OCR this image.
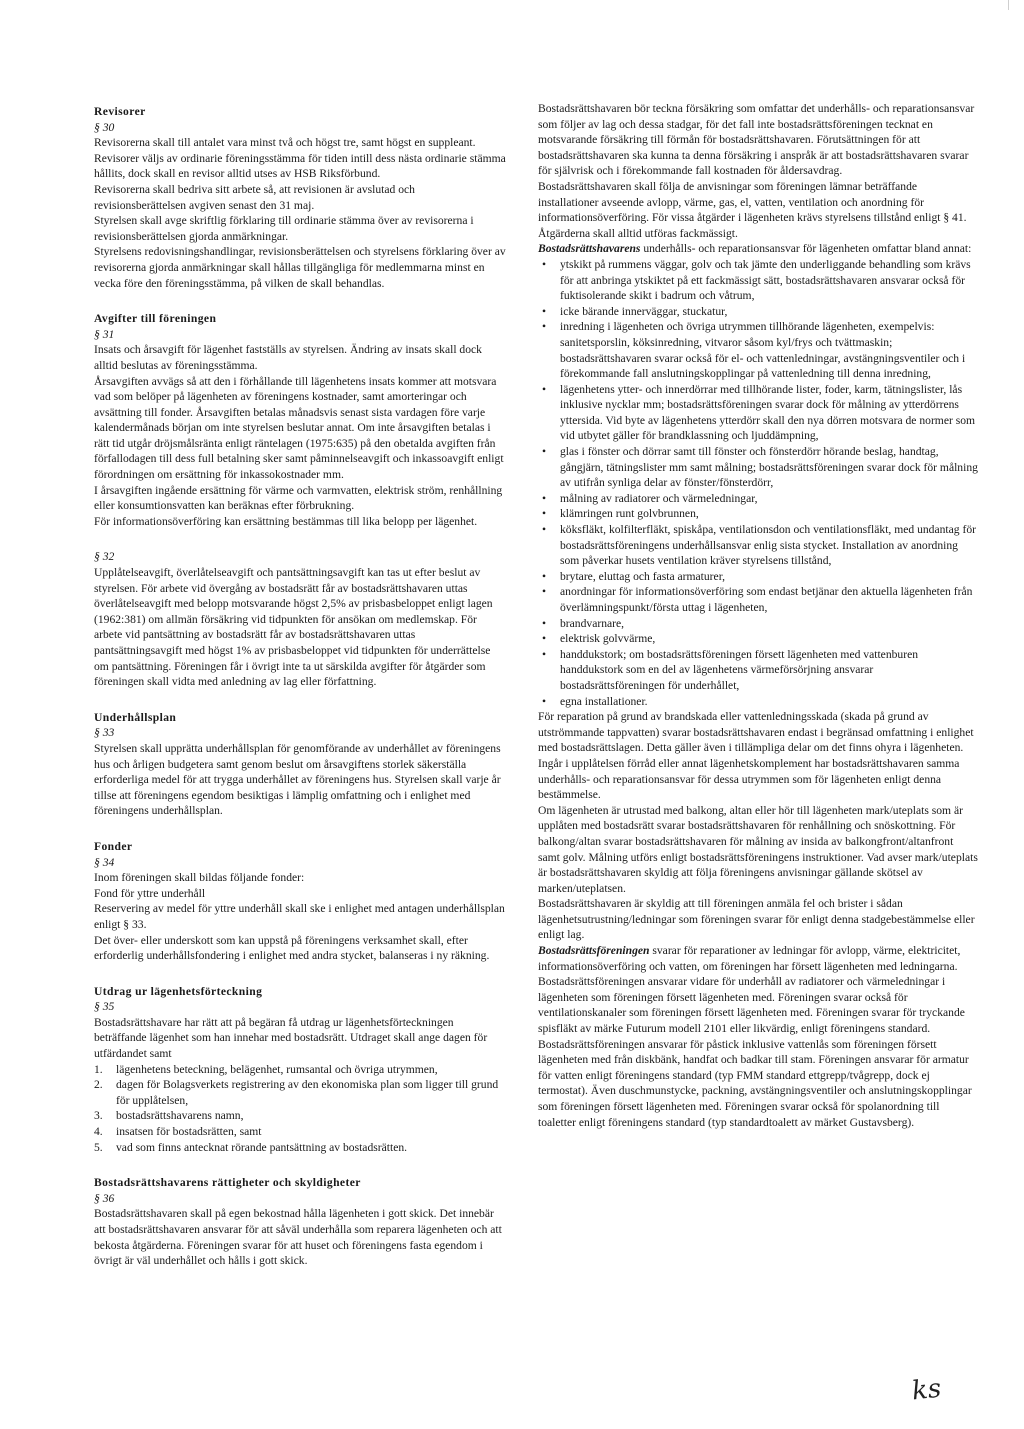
Revisorer

§ 30

Revisorerna skall till antalet vara minst två och högst tre, samt högst en suppleant. Revisorer väljs av ordinarie föreningsstämma för tiden intill dess nästa ordinarie stämma hållits, dock skall en revisor alltid utses av HSB Riksförbund.

Revisorerna skall bedriva sitt arbete så, att revisionen är avslutad och revisionsberättelsen avgiven senast den 31 maj.

Styrelsen skall avge skriftlig förklaring till ordinarie stämma över av revisorerna i revisionsberättelsen gjorda anmärkningar.

Styrelsens redovisningshandlingar, revisionsberättelsen och styrelsens förklaring över av revisorerna gjorda anmärkningar skall hållas tillgängliga för medlemmarna minst en vecka före den föreningsstämma, på vilken de skall behandlas.

Avgifter till föreningen

§ 31

Insats och årsavgift för lägenhet fastställs av styrelsen. Ändring av insats skall dock alltid beslutas av föreningsstämma.

Årsavgiften avvägs så att den i förhållande till lägenhetens insats kommer att motsvara vad som belöper på lägenheten av föreningens kostnader, samt amorteringar och avsättning till fonder. Årsavgiften betalas månadsvis senast sista vardagen före varje kalendermånads början om inte styrelsen beslutar annat. Om inte årsavgiften betalas i rätt tid utgår dröjsmålsränta enligt räntelagen (1975:635) på den obetalda avgiften från förfallodagen till dess full betalning sker samt påminnelseavgift och inkassoavgift enligt förordningen om ersättning för inkassokostnader mm.

I årsavgiften ingående ersättning för värme och varmvatten, elektrisk ström, renhållning eller konsumtionsvatten kan beräknas efter förbrukning.

För informationsöverföring kan ersättning bestämmas till lika belopp per lägenhet.

§ 32

Upplåtelseavgift, överlåtelseavgift och pantsättningsavgift kan tas ut efter beslut av styrelsen. För arbete vid övergång av bostadsrätt får av bostadsrättshavaren uttas överlåtelseavgift med belopp motsvarande högst 2,5% av prisbasbeloppet enligt lagen (1962:381) om allmän försäkring vid tidpunkten för ansökan om medlemskap. För arbete vid pantsättning av bostadsrätt får av bostadsrättshavaren uttas pantsättningsavgift med högst 1% av prisbasbeloppet vid tidpunkten för underrättelse om pantsättning. Föreningen får i övrigt inte ta ut särskilda avgifter för åtgärder som föreningen skall vidta med anledning av lag eller författning.

Underhållsplan

§ 33

Styrelsen skall upprätta underhållsplan för genomförande av underhållet av föreningens hus och årligen budgetera samt genom beslut om årsavgiftens storlek säkerställa erforderliga medel för att trygga underhållet av föreningens hus. Styrelsen skall varje år tillse att föreningens egendom besiktigas i lämplig omfattning och i enlighet med föreningens underhållsplan.

Fonder

§ 34

Inom föreningen skall bildas följande fonder:

Fond för yttre underhåll

Reservering av medel för yttre underhåll skall ske i enlighet med antagen underhållsplan enligt § 33.

Det över- eller underskott som kan uppstå på föreningens verksamhet skall, efter erforderlig underhållsfondering i enlighet med andra stycket, balanseras i ny räkning.

Utdrag ur lägenhetsförteckning

§ 35

Bostadsrättshavare har rätt att på begäran få utdrag ur lägenhetsförteckningen beträffande lägenhet som han innehar med bostadsrätt. Utdraget skall ange dagen för utfärdandet samt

1. lägenhetens beteckning, belägenhet, rumsantal och övriga utrymmen,
2. dagen för Bolagsverkets registrering av den ekonomiska plan som ligger till grund för upplåtelsen,
3. bostadsrättshavarens namn,
4. insatsen för bostadsrätten, samt
5. vad som finns antecknat rörande pantsättning av bostadsrätten.

Bostadsrättshavarens rättigheter och skyldigheter

§ 36

Bostadsrättshavaren skall på egen bekostnad hålla lägenheten i gott skick. Det innebär att bostadsrättshavaren ansvarar för att såväl underhålla som reparera lägenheten och att bekosta åtgärderna. Föreningen svarar för att huset och föreningens fasta egendom i övrigt är väl underhållet och hålls i gott skick.

Bostadsrättshavaren bör teckna försäkring som omfattar det underhålls- och reparationsansvar som följer av lag och dessa stadgar, för det fall inte bostadsrättsföreningen tecknat en motsvarande försäkring till förmån för bostadsrättshavaren. Förutsättningen för att bostadsrättshavaren ska kunna ta denna försäkring i anspråk är att bostadsrättshavaren svarar för självrisk och i förekommande fall kostnaden för åldersavdrag.

Bostadsrättshavaren skall följa de anvisningar som föreningen lämnar beträffande installationer avseende avlopp, värme, gas, el, vatten, ventilation och anordning för informationsöverföring. För vissa åtgärder i lägenheten krävs styrelsens tillstånd enligt § 41. Åtgärderna skall alltid utföras fackmässigt.

Bostadsrättshavarens underhålls- och reparationsansvar för lägenheten omfattar bland annat:

• ytskikt på rummens väggar, golv och tak jämte den underliggande behandling som krävs för att anbringa ytskiktet på ett fackmässigt sätt, bostadsrättshavaren ansvarar också för fuktisolerande skikt i badrum och våtrum,
• icke bärande innerväggar, stuckatur,
• inredning i lägenheten och övriga utrymmen tillhörande lägenheten, exempelvis: sanitetsporslin, köksinredning, vitvaror såsom kyl/frys och tvättmaskin; bostadsrättshavaren svarar också för el- och vattenledningar, avstängningsventiler och i förekommande fall anslutningskopplingar på vattenledning till denna inredning,
• lägenhetens ytter- och innerdörrar med tillhörande lister, foder, karm, tätningslister, lås inklusive nycklar mm; bostadsrättsföreningen svarar dock för målning av ytterdörrens yttersida. Vid byte av lägenhetens ytterdörr skall den nya dörren motsvara de normer som vid utbytet gäller för brandklassning och ljuddämpning,
• glas i fönster och dörrar samt till fönster och fönsterdörr hörande beslag, handtag, gångjärn, tätningslister mm samt målning; bostadsrättsföreningen svarar dock för målning av utifrån synliga delar av fönster/fönsterdörr,
• målning av radiatorer och värmeledningar,
• klämringen runt golvbrunnen,
• köksfläkt, kolfilterfläkt, spiskåpa, ventilationsdon och ventilationsfläkt, med undantag för bostadsrättsföreningens underhållsansvar enlig sista stycket. Installation av anordning som påverkar husets ventilation kräver styrelsens tillstånd,
• brytare, eluttag och fasta armaturer,
• anordningar för informationsöverföring som endast betjänar den aktuella lägenheten från överlämningspunkt/första uttag i lägenheten,
• brandvarnare,
• elektrisk golvvärme,
• handdukstork; om bostadsrättsföreningen försett lägenheten med vattenburen handdukstork som en del av lägenhetens värmeförsörjning ansvarar bostadsrättsföreningen för underhållet,
• egna installationer.

För reparation på grund av brandskada eller vattenledningsskada (skada på grund av utströmmande tappvatten) svarar bostadsrättshavaren endast i begränsad omfattning i enlighet med bostadsrättslagen. Detta gäller även i tillämpliga delar om det finns ohyra i lägenheten.

Ingår i upplåtelsen förråd eller annat lägenhetskomplement har bostadsrättshavaren samma underhålls- och reparationsansvar för dessa utrymmen som för lägenheten enligt denna bestämmelse.

Om lägenheten är utrustad med balkong, altan eller hör till lägenheten mark/uteplats som är upplåten med bostadsrätt svarar bostadsrättshavaren för renhållning och snöskottning. För balkong/altan svarar bostadsrättshavaren för målning av insida av balkongfront/altanfront samt golv. Målning utförs enligt bostadsrättsföreningens instruktioner. Vad avser mark/uteplats är bostadsrättshavaren skyldig att följa föreningens anvisningar gällande skötsel av marken/uteplatsen.

Bostadsrättshavaren är skyldig att till föreningen anmäla fel och brister i sådan lägenhetsutrustning/ledningar som föreningen svarar för enligt denna stadgebestämmelse eller enligt lag.

Bostadsrättsföreningen svarar för reparationer av ledningar för avlopp, värme, elektricitet, informationsöverföring och vatten, om föreningen har försett lägenheten med ledningarna.

Bostadsrättsföreningen ansvarar vidare för underhåll av radiatorer och värmeledningar i lägenheten som föreningen försett lägenheten med. Föreningen svarar också för ventilationskanaler som föreningen försett lägenheten med. Föreningen svarar för tryckande spisfläkt av märke Futurum modell 2101 eller likvärdig, enligt föreningens standard.

Bostadsrättsföreningen ansvarar för påstick inklusive vattenlås som föreningen försett lägenheten med från diskbänk, handfat och badkar till stam. Föreningen ansvarar för armatur för vatten enligt föreningens standard (typ FMM standard ettgrepp/tvågrepp, dock ej termostat). Även duschmunstycke, packning, avstängningsventiler och anslutningskopplingar som föreningen försett lägenheten med. Föreningen svarar också för spolanordning till toaletter enligt föreningens standard (typ standardtoalett av märket Gustavsberg).

ks
